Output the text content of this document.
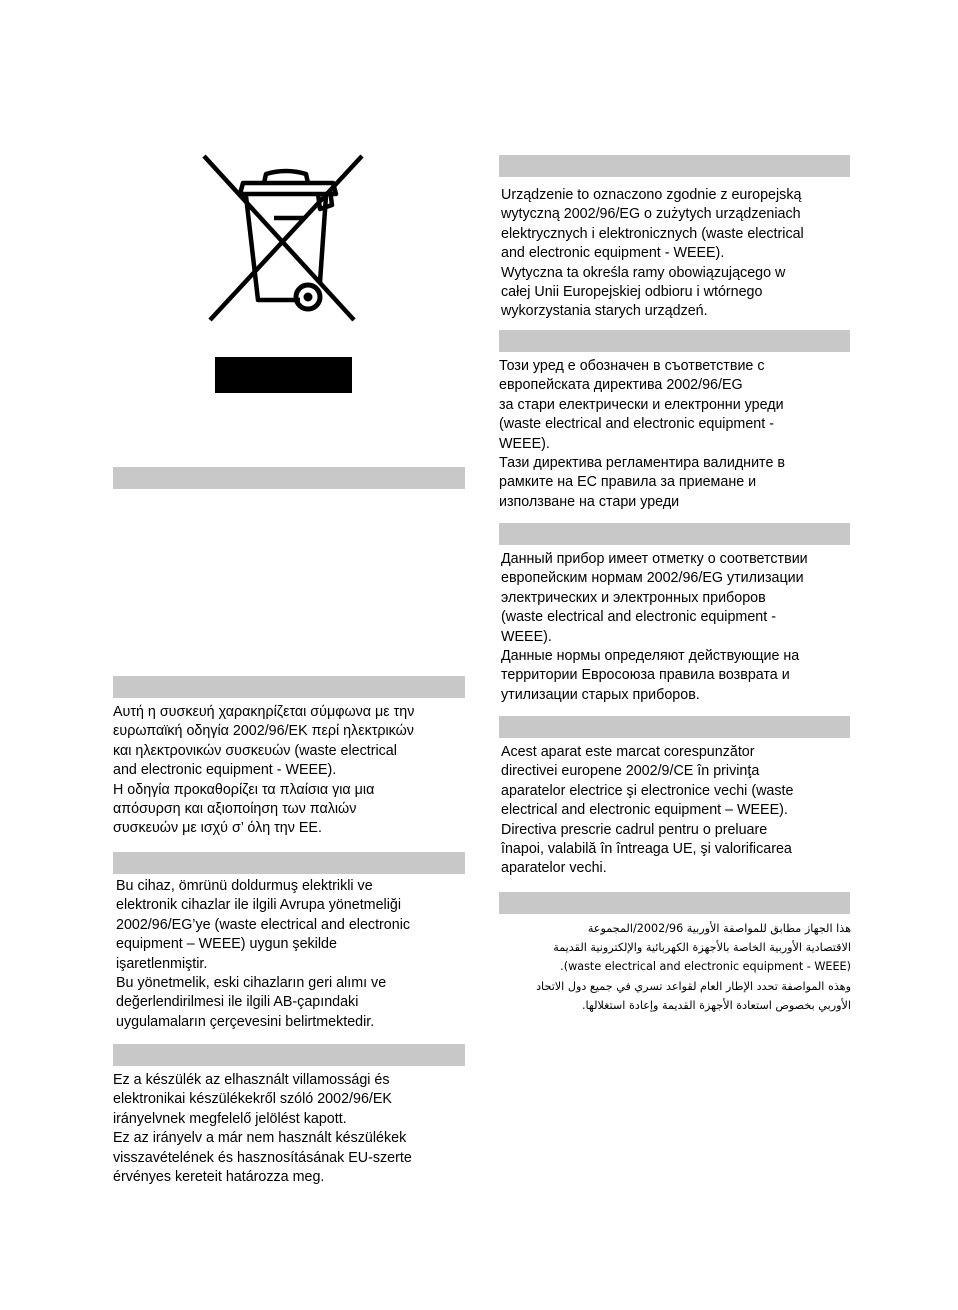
Αυτή η συσκευή χαρακηρίζεται σύμφωνα με την
ευρωπαϊκή οδηγία 2002/96/ΕΚ περί ηλεκτρικών
και ηλεκτρονικών συσκευών (waste electrical
and electronic equipment - WEEE).
Η οδηγία προκαθορίζει τα πλαίσια για μια
απόσυρση και αξιοποίηση των παλιών
συσκευών με ισχύ σ’ όλη την ΕΕ.

Bu cihaz, ömrünü doldurmuş elektrikli ve
elektronik cihazlar ile ilgili Avrupa yönetmeliği
2002/96/EG’ye (waste electrical and electronic
equipment – WEEE) uygun şekilde
işaretlenmiştir.
Bu yönetmelik, eski cihazların geri alımı ve
değerlendirilmesi ile ilgili AB-çapındaki
uygulamaların çerçevesini belirtmektedir.

Ez a készülék az elhasznált villamossági és
elektronikai készülékekről szóló 2002/96/EK
irányelvnek megfelelő jelölést kapott.
Ez az irányelv a már nem használt készülékek
visszavételének és hasznosításának EU-szerte
érvényes kereteit határozza meg.

Urządzenie to oznaczono zgodnie z europejską
wytyczną 2002/96/EG o zużytych urządzeniach
elektrycznych i elektronicznych (waste electrical
and electronic equipment - WEEE).
Wytyczna ta określa ramy obowiązującego w
całej Unii Europejskiej odbioru i wtórnego
wykorzystania starych urządzeń.

Този уред е обозначен в съответствие с
европейската директива 2002/96/EG
за стари електрически и електронни уреди
(waste electrical and electronic equipment -
WEEE).
Тази директива регламентира валидните в
рамките на ЕС правила за приемане и
използване на стари уреди

Данный прибор имеет отметку о соответствии
европейским нормам 2002/96/EG утилизации
электрических и электронных приборов
(waste electrical and electronic equipment -
WEEE).
Данные нормы определяют действующие на
территории Евросоюза правила возврата и
утилизации старых приборов.

Acest aparat este marcat corespunzător
directivei europene 2002/9/CE în privinţa
aparatelor electrice şi electronice vechi (waste
electrical and electronic equipment – WEEE).
Directiva prescrie cadrul pentru o preluare
înapoi, valabilă în întreaga UE, şi valorificarea
aparatelor vechi.

هذا الجهاز مطابق للمواصفة الأوربية 2002/96/المجموعة
الاقتصادية الأوربية الخاصة بالأجهزة الكهربائية والإلكترونية القديمة
(waste electrical and electronic equipment - WEEE).
وهذه المواصفة تحدد الإطار العام لقواعد تسري في جميع دول الاتحاد
الأوربي بخصوص استعادة الأجهزة القديمة وإعادة استغلالها.
